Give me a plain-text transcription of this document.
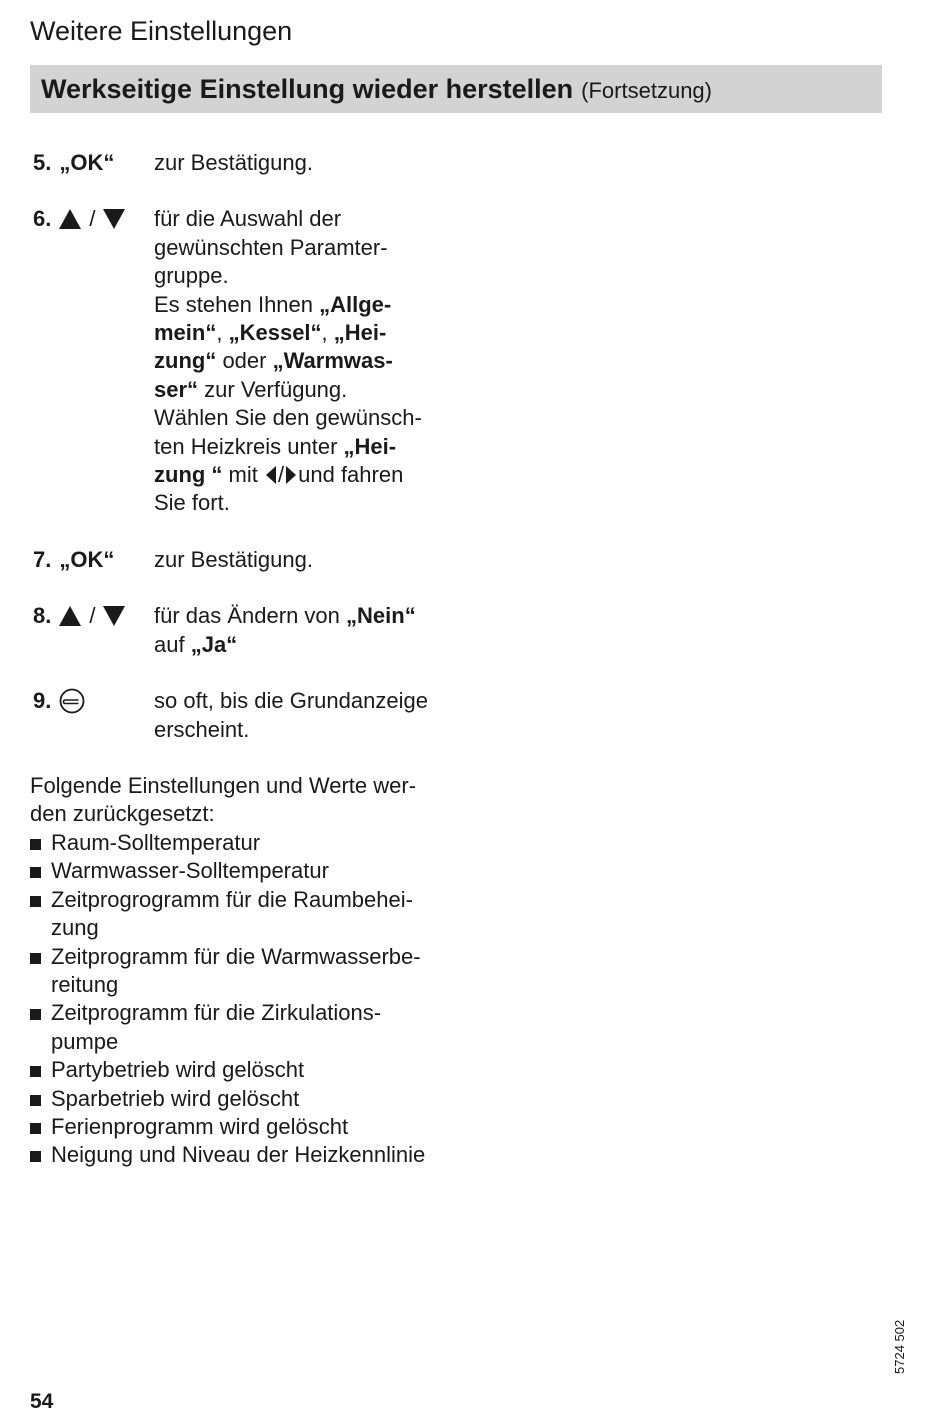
Weitere Einstellungen
Werkseitige Einstellung wieder herstellen (Fortsetzung)
5. „OK“ zur Bestätigung.
6. /	für die Auswahl der
gewünschten Paramter-
gruppe.
Es stehen Ihnen „Allge-
mein“, „Kessel“, „Hei-
zung“ oder „Warmwas-
ser“ zur Verfügung.
Wählen Sie den gewünsch-
ten Heizkreis unter „Hei-
zung “ mit / und fahren
Sie fort.
7. „OK“ zur Bestätigung.
8. /	für das Ändern von „Nein“
auf „Ja“
9.	so oft, bis die Grundanzeige
erscheint.
Folgende Einstellungen und Werte wer-
den zurückgesetzt:
Raum-Solltemperatur
Warmwasser-Solltemperatur
Zeitprogrogramm für die Raumbehei-
zung
Zeitprogramm für die Warmwasserbe-
reitung
Zeitprogramm für die Zirkulations-
pumpe
Partybetrieb wird gelöscht
Sparbetrieb wird gelöscht
Ferienprogramm wird gelöscht
Neigung und Niveau der Heizkennlinie
5724 502
54
